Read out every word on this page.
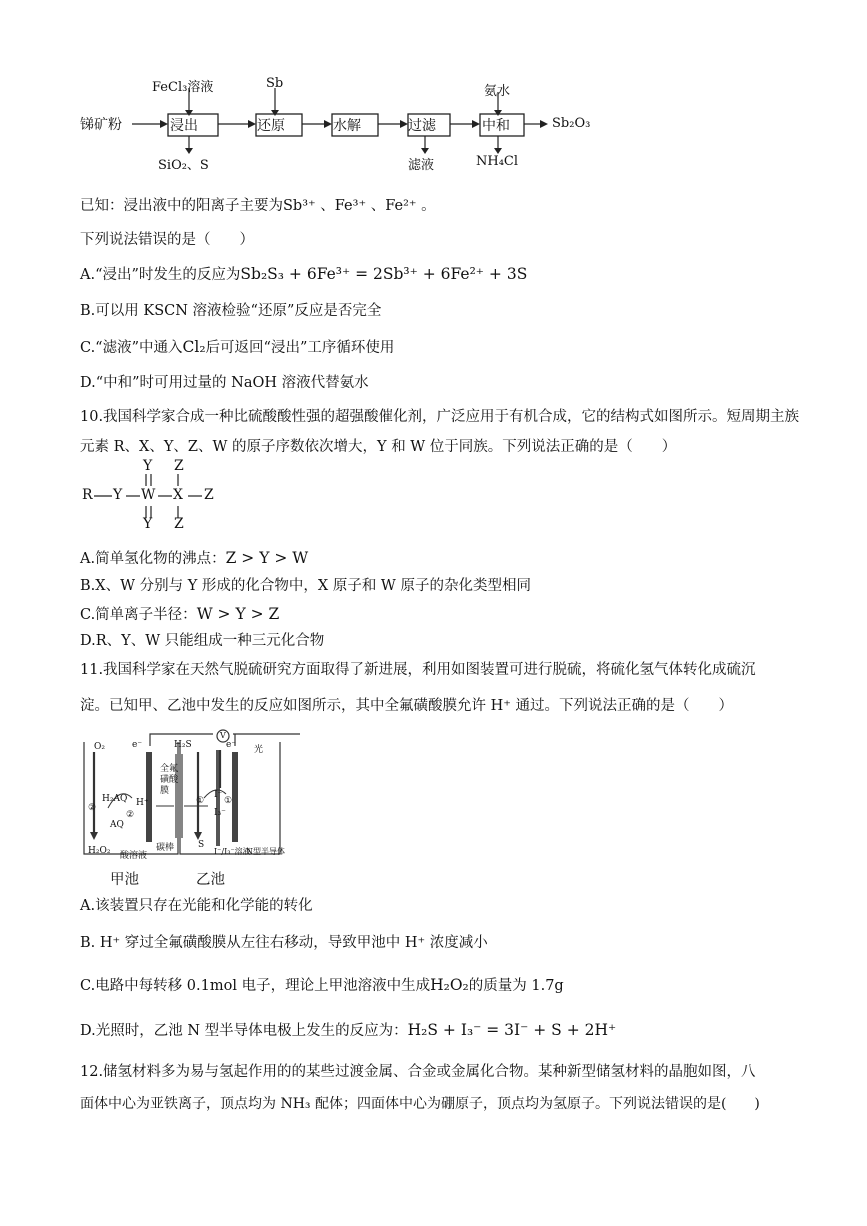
锑矿粉	浸出	还原	水解	过滤	中和	Sb₂O₃
FeCl₃溶液	Sb
氨水
SiO₂、S	滤液	NH₄Cl
已知：浸出液中的阳离子主要为Sb³⁺ 、Fe³⁺ 、Fe²⁺ 。
下列说法错误的是（　　）
A.“浸出”时发生的反应为Sb₂S₃ + 6Fe³⁺ = 2Sb³⁺ + 6Fe²⁺ + 3S
B.可以用 KSCN 溶液检验“还原”反应是否完全
C.“滤液”中通入Cl₂后可返回“浸出”工序循环使用
D.“中和”时可用过量的 NaOH 溶液代替氨水
10.我国科学家合成一种比硫酸酸性强的超强酸催化剂，广泛应用于有机合成，它的结构式如图所示。短周期主族元素 R、X、Y、Z、W 的原子序数依次增大，Y 和 W 位于同族。下列说法正确的是（　　）
R Y W X Z
Y
Y
Z
Z
A.简单氢化物的沸点：Z > Y > W
B.X、W 分别与 Y 形成的化合物中，X 原子和 W 原子的杂化类型相同
C.简单离子半径：W > Y > Z
D.R、Y、W 只能组成一种三元化合物
11.我国科学家在天然气脱硫研究方面取得了新进展，利用如图装置可进行脱硫，将硫化氢气体转化成硫沉
淀。已知甲、乙池中发生的反应如图所示，其中全氟磺酸膜允许 H⁺ 通过。下列说法正确的是（　　）
O₂	e⁻	H₂S
V
e⁻
全氟磺酸膜
H₂AQ H⁺
AQ
②
②
H₂O₂ 酸溶液
碳棒
①
I⁻
I₃⁻
①
S
I⁻/I₃⁻溶液
光
N型半导体
甲池	乙池
A.该装置只存在光能和化学能的转化
B. H⁺ 穿过全氟磺酸膜从左往右移动，导致甲池中 H⁺ 浓度减小
C.电路中每转移 0.1mol 电子，理论上甲池溶液中生成H₂O₂的质量为 1.7g
D.光照时，乙池 N 型半导体电极上发生的反应为：H₂S + I₃⁻ = 3I⁻ + S + 2H⁺
12.储氢材料多为易与氢起作用的的某些过渡金属、合金或金属化合物。某种新型储氢材料的晶胞如图，八
面体中心为亚铁离子，顶点均为 NH₃ 配体；四面体中心为硼原子，顶点均为氢原子。下列说法错误的是(　　)
